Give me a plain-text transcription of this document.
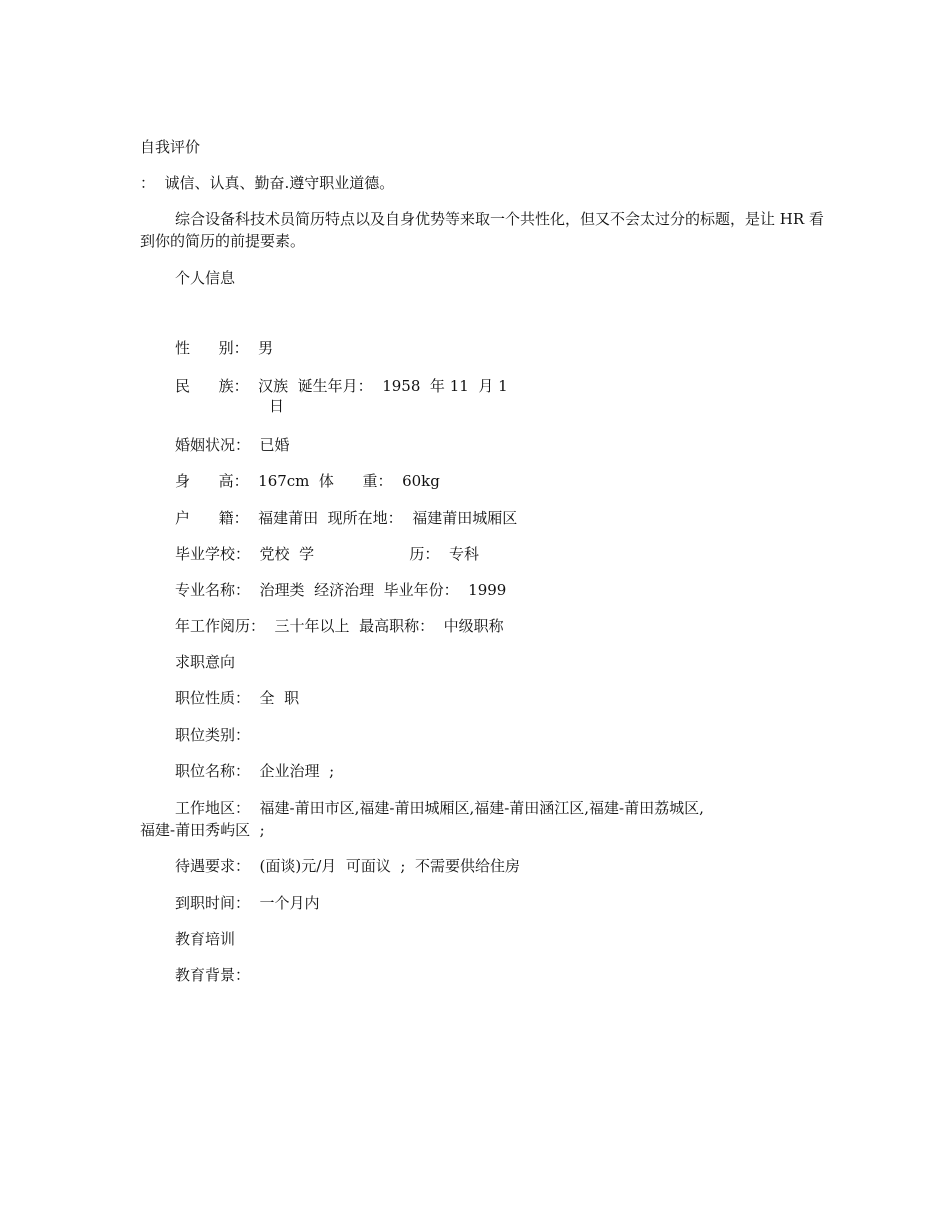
自我评价
：  诚信、认真、勤奋.遵守职业道德。
综合设备科技术员简历特点以及自身优势等来取一个共性化，但又不会太过分的标题，是让 HR 看到你的简历的前提要素。
个人信息
性      别：  男
民      族：  汉族  诞生年月：  1958  年 11  月 1
日
婚姻状况：  已婚
身      高：  167cm  体      重：  60kg
户      籍：  福建莆田  现所在地：  福建莆田城厢区
毕业学校：  党校  学                    历：  专科
专业名称：  治理类  经济治理  毕业年份：  1999
年工作阅历：  三十年以上  最高职称：  中级职称
求职意向
职位性质：  全  职
职位类别：
职位名称：  企业治理  ;
工作地区：  福建-莆田市区,福建-莆田城厢区,福建-莆田涵江区,福建-莆田荔城区,
福建-莆田秀屿区  ;
待遇要求：  (面谈)元/月  可面议  ;  不需要供给住房
到职时间：  一个月内
教育培训
教育背景：
